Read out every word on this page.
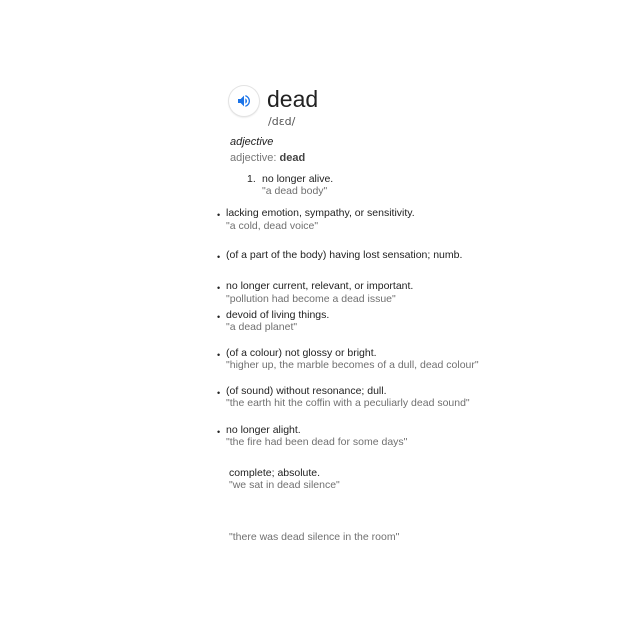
dead
/dɛd/
adjective
adjective: dead
1. no longer alive.
"a dead body"
• lacking emotion, sympathy, or sensitivity.
"a cold, dead voice"
• (of a part of the body) having lost sensation; numb.
• no longer current, relevant, or important.
"pollution had become a dead issue"
• devoid of living things.
"a dead planet"
• (of a colour) not glossy or bright.
"higher up, the marble becomes of a dull, dead colour"
• (of sound) without resonance; dull.
"the earth hit the coffin with a peculiarly dead sound"
• no longer alight.
"the fire had been dead for some days"
complete; absolute.
"we sat in dead silence"
"there was dead silence in the room"
